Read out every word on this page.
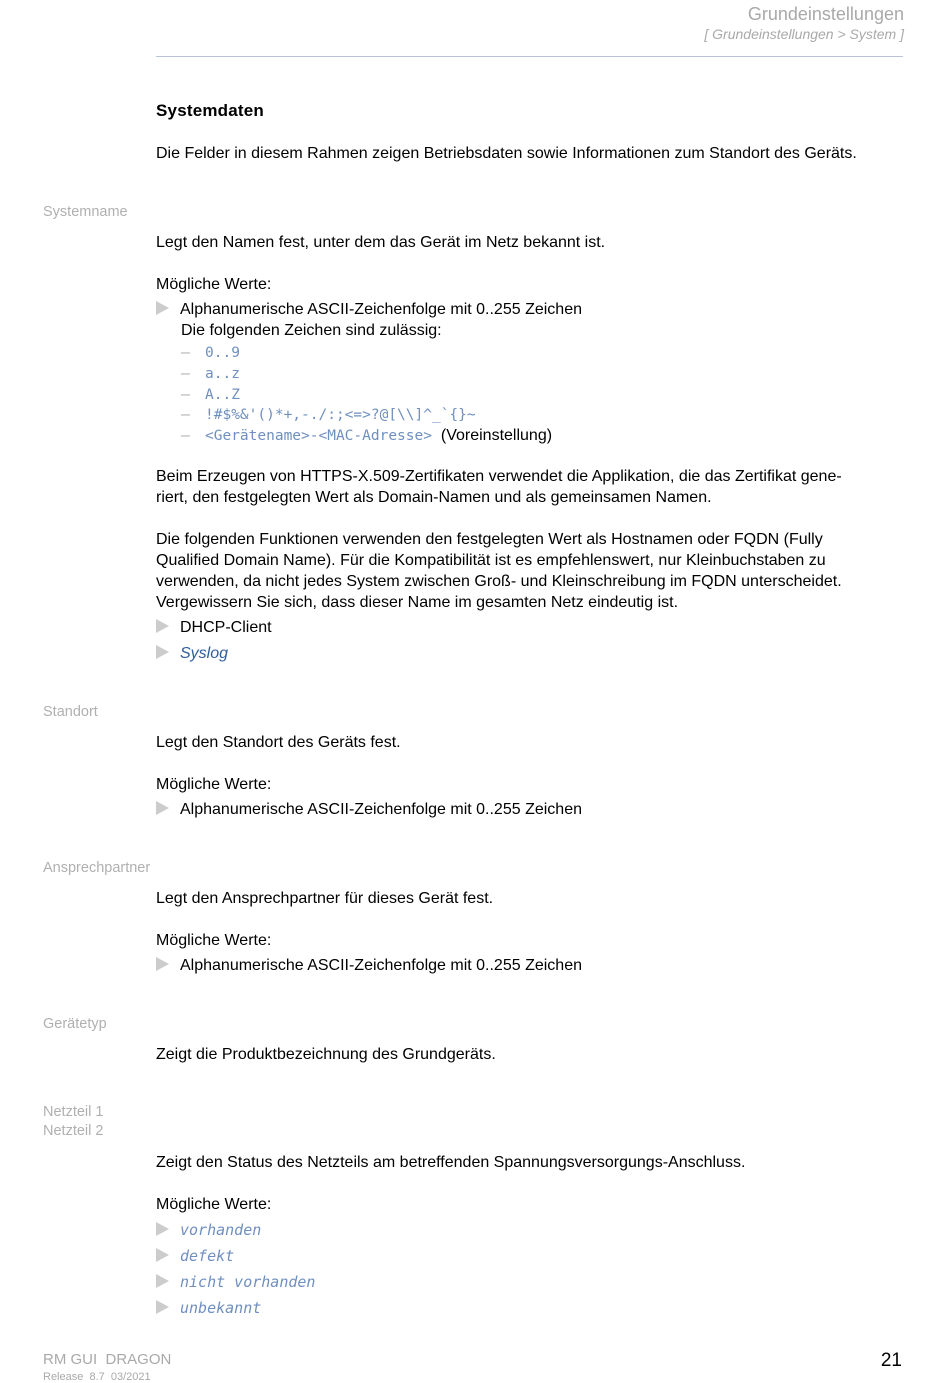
Grundeinstellungen
[ Grundeinstellungen > System ]
Systemdaten
Die Felder in diesem Rahmen zeigen Betriebsdaten sowie Informationen zum Standort des Geräts.
Systemname
Legt den Namen fest, unter dem das Gerät im Netz bekannt ist.
Mögliche Werte:
Alphanumerische ASCII-Zeichenfolge mit 0..255 Zeichen
Die folgenden Zeichen sind zulässig:
– 0..9
– a..z
– A..Z
– !#$%&'()*+,-./:;<=>?@[\\]^_`{}~
– <Gerätename>-<MAC-Adresse> (Voreinstellung)
Beim Erzeugen von HTTPS-X.509-Zertifikaten verwendet die Applikation, die das Zertifikat gene-
riert, den festgelegten Wert als Domain-Namen und als gemeinsamen Namen.
Die folgenden Funktionen verwenden den festgelegten Wert als Hostnamen oder FQDN (Fully
Qualified Domain Name). Für die Kompatibilität ist es empfehlenswert, nur Kleinbuchstaben zu
verwenden, da nicht jedes System zwischen Groß- und Kleinschreibung im FQDN unterscheidet.
Vergewissern Sie sich, dass dieser Name im gesamten Netz eindeutig ist.
DHCP-Client
Syslog
Standort
Legt den Standort des Geräts fest.
Mögliche Werte:
Alphanumerische ASCII-Zeichenfolge mit 0..255 Zeichen
Ansprechpartner
Legt den Ansprechpartner für dieses Gerät fest.
Mögliche Werte:
Alphanumerische ASCII-Zeichenfolge mit 0..255 Zeichen
Gerätetyp
Zeigt die Produktbezeichnung des Grundgeräts.
Netzteil 1
Netzteil 2
Zeigt den Status des Netzteils am betreffenden Spannungsversorgungs-Anschluss.
Mögliche Werte:
vorhanden
defekt
nicht vorhanden
unbekannt
RM GUI  DRAGON
Release  8.7  03/2021
21
